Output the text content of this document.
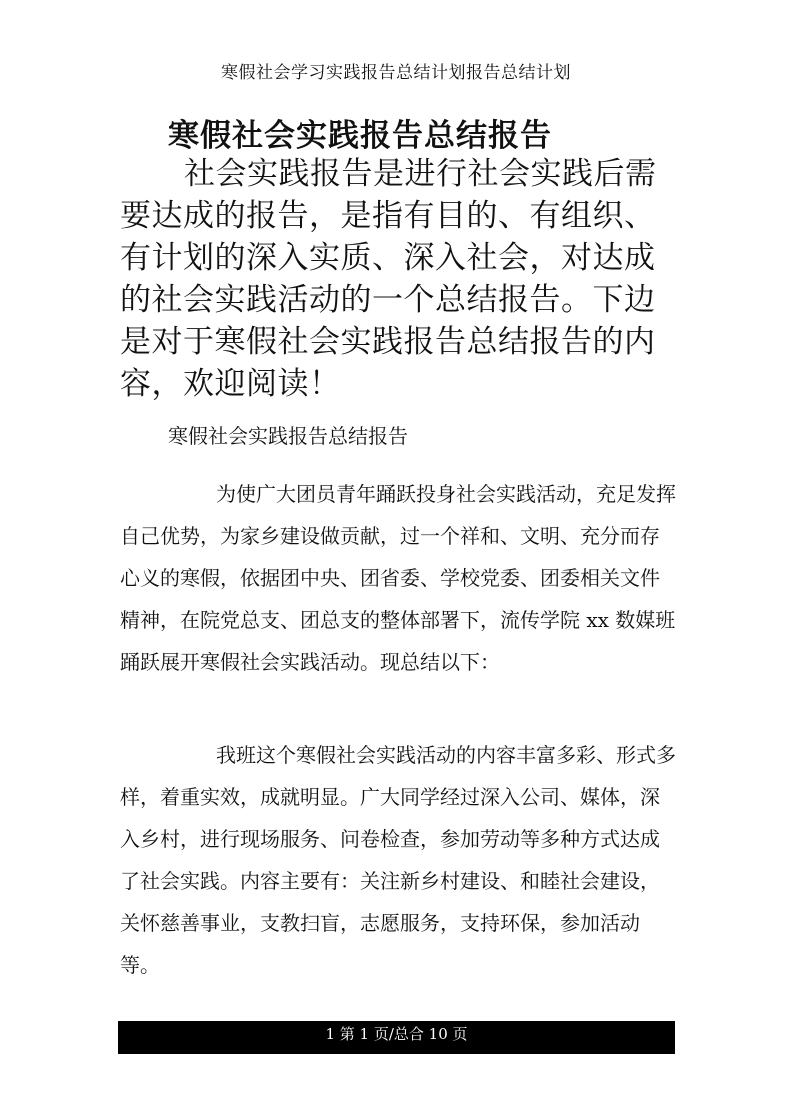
寒假社会学习实践报告总结计划报告总结计划
寒假社会实践报告总结报告

社会实践报告是进行社会实践后需要达成的报告，是指有目的、有组织、有计划的深入实质、深入社会，对达成的社会实践活动的一个总结报告。下边是对于寒假社会实践报告总结报告的内容，欢迎阅读！

寒假社会实践报告总结报告

为使广大团员青年踊跃投身社会实践活动，充足发挥自己优势，为家乡建设做贡献，过一个祥和、文明、充分而存心义的寒假，依据团中央、团省委、学校党委、团委相关文件精神，在院党总支、团总支的整体部署下，流传学院 xx 数媒班踊跃展开寒假社会实践活动。现总结以下：

我班这个寒假社会实践活动的内容丰富多彩、形式多样，着重实效，成就明显。广大同学经过深入公司、媒体，深入乡村，进行现场服务、问卷检查，参加劳动等多种方式达成了社会实践。内容主要有：关注新乡村建设、和睦社会建设，关怀慈善事业，支教扫盲，志愿服务，支持环保，参加活动等。

1 第 1 页/总合 10 页
